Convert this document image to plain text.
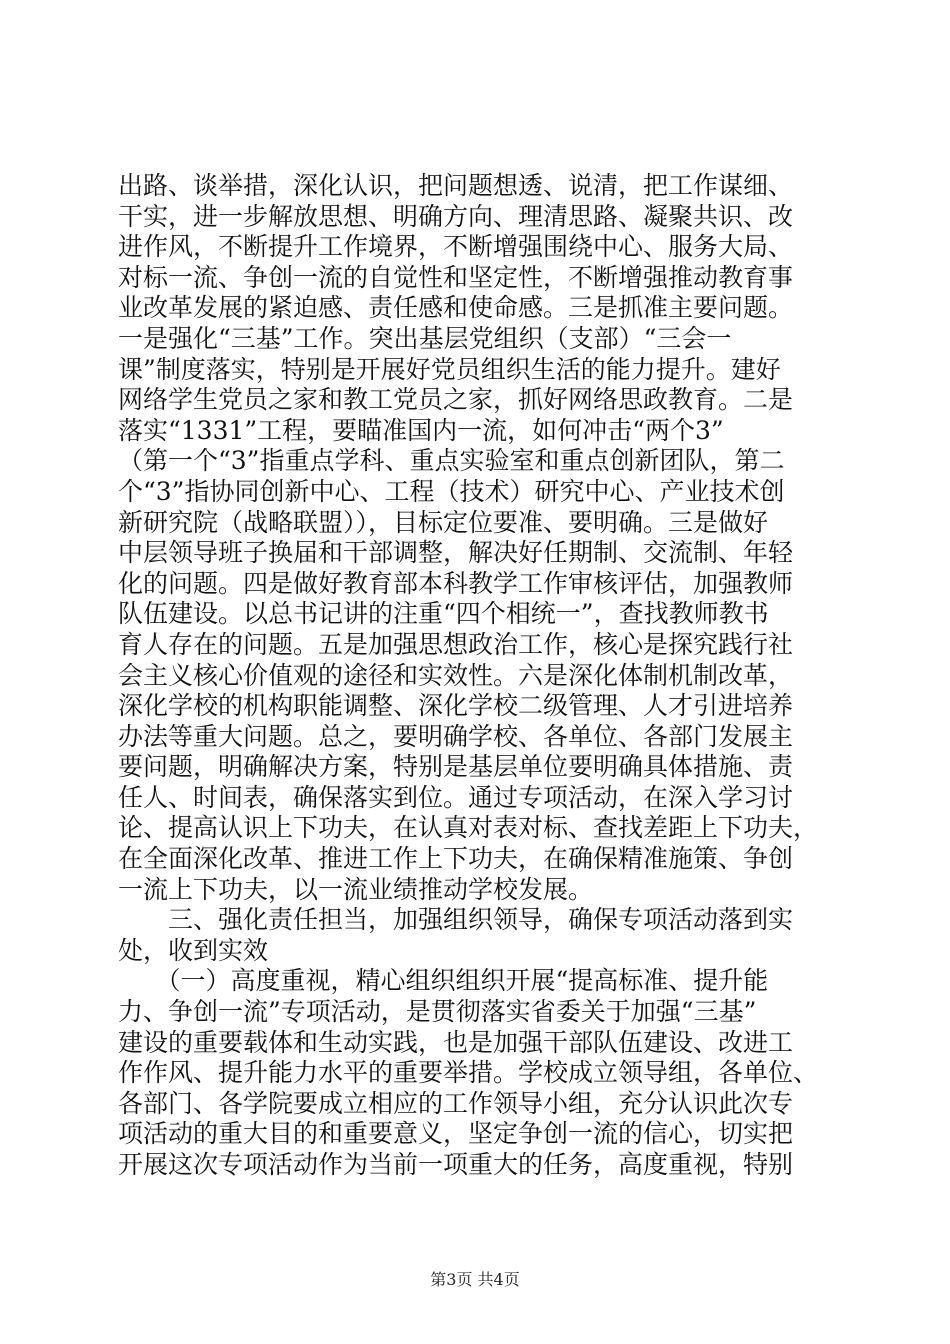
出路、谈举措，深化认识，把问题想透、说清，把工作谋细、
干实，进一步解放思想、明确方向、理清思路、凝聚共识、改
进作风，不断提升工作境界，不断增强围绕中心、服务大局、
对标一流、争创一流的自觉性和坚定性，不断增强推动教育事
业改革发展的紧迫感、责任感和使命感。三是抓准主要问题。
一是强化“三基”工作。突出基层党组织（支部）“三会一
课”制度落实，特别是开展好党员组织生活的能力提升。建好
网络学生党员之家和教工党员之家，抓好网络思政教育。二是
落实“1331”工程，要瞄准国内一流，如何冲击“两个3”
（第一个“3”指重点学科、重点实验室和重点创新团队，第二
个“3”指协同创新中心、工程（技术）研究中心、产业技术创
新研究院（战略联盟）），目标定位要准、要明确。三是做好
中层领导班子换届和干部调整，解决好任期制、交流制、年轻
化的问题。四是做好教育部本科教学工作审核评估，加强教师
队伍建设。以总书记讲的注重“四个相统一”，查找教师教书
育人存在的问题。五是加强思想政治工作，核心是探究践行社
会主义核心价值观的途径和实效性。六是深化体制机制改革，
深化学校的机构职能调整、深化学校二级管理、人才引进培养
办法等重大问题。总之，要明确学校、各单位、各部门发展主
要问题，明确解决方案，特别是基层单位要明确具体措施、责
任人、时间表，确保落实到位。通过专项活动，在深入学习讨
论、提高认识上下功夫，在认真对表对标、查找差距上下功夫，
在全面深化改革、推进工作上下功夫，在确保精准施策、争创
一流上下功夫，以一流业绩推动学校发展。
　　三、强化责任担当，加强组织领导，确保专项活动落到实
处，收到实效
　　（一）高度重视，精心组织组织开展“提高标准、提升能
力、争创一流”专项活动，是贯彻落实省委关于加强“三基”
建设的重要载体和生动实践，也是加强干部队伍建设、改进工
作作风、提升能力水平的重要举措。学校成立领导组，各单位、
各部门、各学院要成立相应的工作领导小组，充分认识此次专
项活动的重大目的和重要意义，坚定争创一流的信心，切实把
开展这次专项活动作为当前一项重大的任务，高度重视，特别
第3页 共4页
